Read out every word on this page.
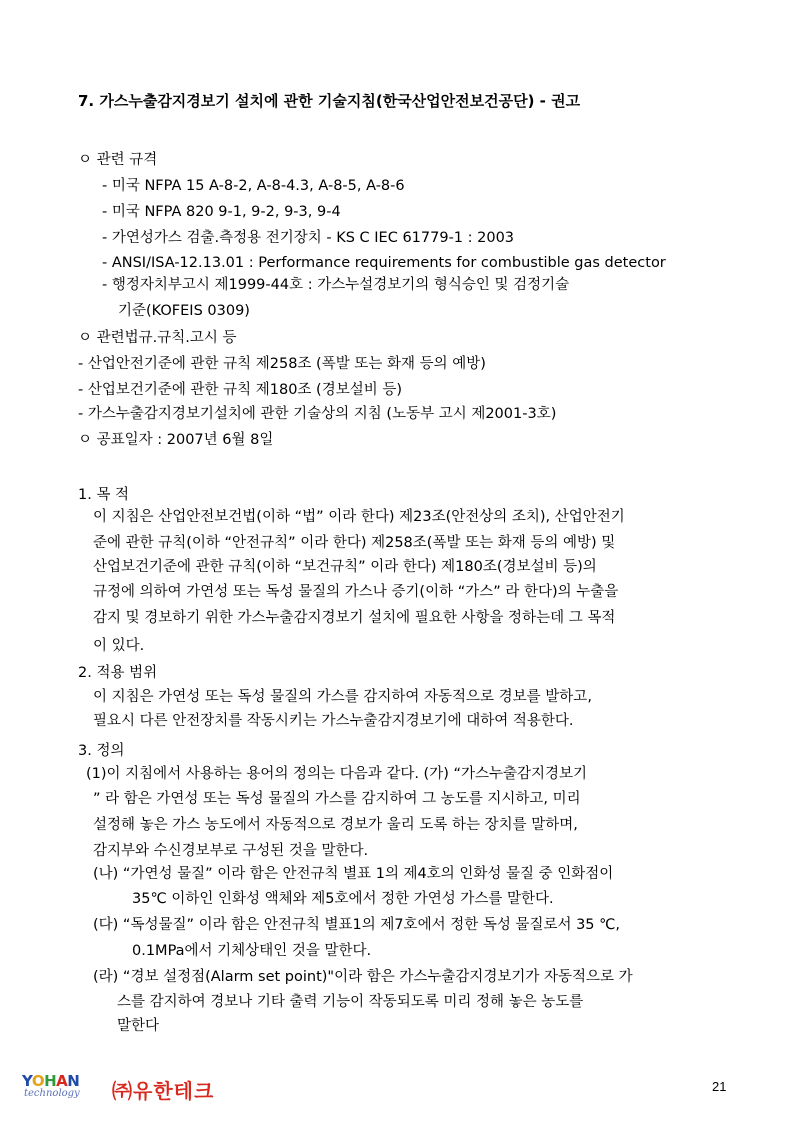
7. 가스누출감지경보기 설치에 관한 기술지침(한국산업안전보건공단) - 권고
ㅇ 관련 규격
- 미국 NFPA 15 A-8-2, A-8-4.3, A-8-5, A-8-6
- 미국 NFPA 820 9-1, 9-2, 9-3, 9-4
- 가연성가스 검출.측정용 전기장치 - KS C IEC 61779-1 : 2003
- ANSI/ISA-12.13.01 : Performance requirements for combustible gas detector
- 행정자치부고시 제1999-44호 : 가스누설경보기의 형식승인 및 검정기술
기준(KOFEIS 0309)
ㅇ 관련법규.규칙.고시 등
- 산업안전기준에 관한 규칙 제258조 (폭발 또는 화재 등의 예방)
- 산업보건기준에 관한 규칙 제180조 (경보설비 등)
- 가스누출감지경보기설치에 관한 기술상의 지침 (노동부 고시 제2001-3호)
ㅇ 공표일자 : 2007년 6월 8일
1. 목 적
이 지침은 산업안전보건법(이하 “법” 이라 한다) 제23조(안전상의 조치), 산업안전기
준에 관한 규칙(이하 “안전규칙” 이라 한다) 제258조(폭발 또는 화재 등의 예방) 및
산업보건기준에 관한 규칙(이하 “보건규칙” 이라 한다) 제180조(경보설비 등)의
규정에 의하여 가연성 또는 독성 물질의 가스나 증기(이하 “가스” 라 한다)의 누출을
감지 및 경보하기 위한 가스누출감지경보기 설치에 필요한 사항을 정하는데 그 목적
이 있다.
2. 적용 범위
이 지침은 가연성 또는 독성 물질의 가스를 감지하여 자동적으로 경보를 발하고,
필요시 다른 안전장치를 작동시키는 가스누출감지경보기에 대하여 적용한다.
3. 정의
(1)이 지침에서 사용하는 용어의 정의는 다음과 같다. (가) “가스누출감지경보기
” 라 함은 가연성 또는 독성 물질의 가스를 감지하여 그 농도를 지시하고, 미리
설정해 놓은 가스 농도에서 자동적으로 경보가 울리 도록 하는 장치를 말하며,
감지부와 수신경보부로 구성된 것을 말한다.
(나) “가연성 물질” 이라 함은 안전규칙 별표 1의 제4호의 인화성 물질 중 인화점이
35℃ 이하인 인화성 액체와 제5호에서 정한 가연성 가스를 말한다.
(다) “독성물질” 이라 함은 안전규칙 별표1의 제7호에서 정한 독성 물질로서 35 ℃,
0.1MPa에서 기체상태인 것을 말한다.
(라) “경보 설정점(Alarm set point)"이라 함은 가스누출감지경보기가 자동적으로 가
스를 감지하여 경보나 기타 출력 기능이 작동되도록 미리 정해 놓은 농도를
말한다
YOHAN
technology ㈜유한테크	21
